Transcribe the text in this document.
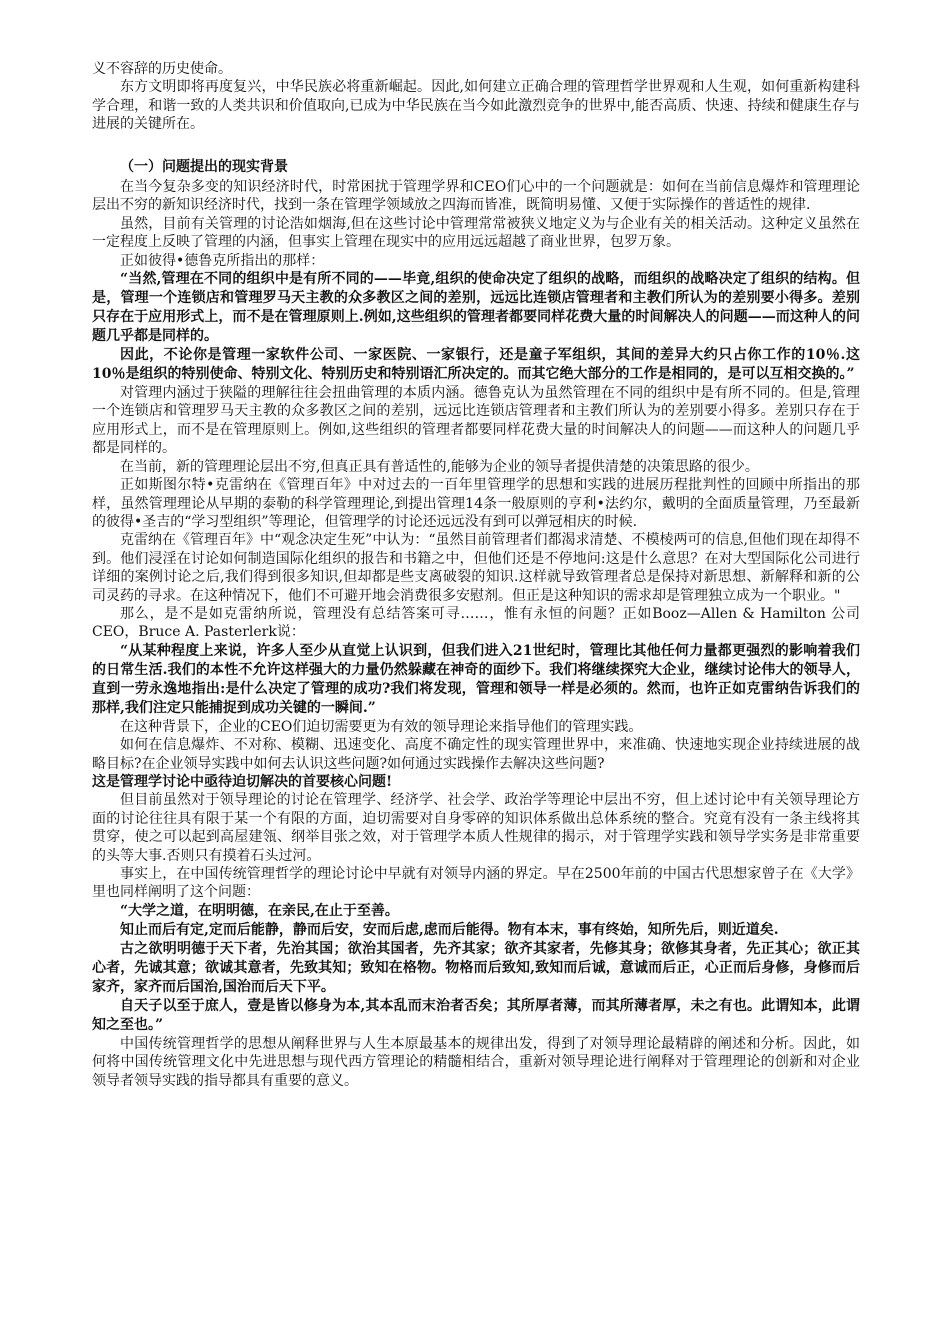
义不容辞的历史使命。

东方文明即将再度复兴，中华民族必将重新崛起。因此,如何建立正确合理的管理哲学世界观和人生观，如何重新构建科学合理，和谐一致的人类共识和价值取向,已成为中华民族在当今如此激烈竞争的世界中,能否高质、快速、持续和健康生存与进展的关键所在。

（一）问题提出的现实背景

在当今复杂多变的知识经济时代，时常困扰于管理学界和CEO们心中的一个问题就是：如何在当前信息爆炸和管理理论层出不穷的新知识经济时代，找到一条在管理学领域放之四海而皆准，既简明易懂、又便于实际操作的普适性的规律.

虽然，目前有关管理的讨论浩如烟海,但在这些讨论中管理常常被狭义地定义为与企业有关的相关活动。这种定义虽然在一定程度上反映了管理的内涵，但事实上管理在现实中的应用远远超越了商业世界，包罗万象。

正如彼得•德鲁克所指出的那样：

“当然,管理在不同的组织中是有所不同的——毕竟,组织的使命决定了组织的战略，而组织的战略决定了组织的结构。但是，管理一个连锁店和管理罗马天主教的众多教区之间的差别，远远比连锁店管理者和主教们所认为的差别要小得多。差别只存在于应用形式上，而不是在管理原则上.例如,这些组织的管理者都要同样花费大量的时间解决人的问题——而这种人的问题几乎都是同样的。

因此，不论你是管理一家软件公司、一家医院、一家银行，还是童子军组织，其间的差异大约只占你工作的10％.这10％是组织的特别使命、特别文化、特别历史和特别语汇所决定的。而其它绝大部分的工作是相同的，是可以互相交换的。”

对管理内涵过于狭隘的理解往往会扭曲管理的本质内涵。德鲁克认为虽然管理在不同的组织中是有所不同的。但是,管理一个连锁店和管理罗马天主教的众多教区之间的差别，远远比连锁店管理者和主教们所认为的差别要小得多。差别只存在于应用形式上，而不是在管理原则上。例如,这些组织的管理者都要同样花费大量的时间解决人的问题——而这种人的问题几乎都是同样的。

在当前，新的管理理论层出不穷,但真正具有普适性的,能够为企业的领导者提供清楚的决策思路的很少。

正如斯图尔特•克雷纳在《管理百年》中对过去的一百年里管理学的思想和实践的进展历程批判性的回顾中所指出的那样，虽然管理理论从早期的泰勒的科学管理理论,到提出管理14条一般原则的亨利•法约尔，戴明的全面质量管理，乃至最新的彼得•圣吉的“学习型组织”等理论，但管理学的讨论还远远没有到可以弹冠相庆的时候.

克雷纳在《管理百年》中“观念决定生死”中认为：“虽然目前管理者们都渴求清楚、不模棱两可的信息,但他们现在却得不到。他们浸淫在讨论如何制造国际化组织的报告和书籍之中，但他们还是不停地问:这是什么意思？在对大型国际化公司进行详细的案例讨论之后,我们得到很多知识,但却都是些支离破裂的知识.这样就导致管理者总是保持对新思想、新解释和新的公司灵药的寻求。在这种情况下，他们不可避开地会消费很多安慰剂。但正是这种知识的需求却是管理独立成为一个职业。"

那么，是不是如克雷纳所说，管理没有总结答案可寻……，惟有永恒的问题？正如Booz—Allen & Hamilton 公司CEO，Bruce A. Pasterlerk说：

“从某种程度上来说，许多人至少从直觉上认识到，但我们进入21世纪时，管理比其他任何力量都更强烈的影响着我们的日常生活.我们的本性不允许这样强大的力量仍然躲藏在神奇的面纱下。我们将继续探究大企业，继续讨论伟大的领导人，直到一劳永逸地指出:是什么决定了管理的成功?我们将发现，管理和领导一样是必须的。然而，也许正如克雷纳告诉我们的那样,我们注定只能捕捉到成功关键的一瞬间.”

在这种背景下，企业的CEO们迫切需要更为有效的领导理论来指导他们的管理实践。

如何在信息爆炸、不对称、模糊、迅速变化、高度不确定性的现实管理世界中，来准确、快速地实现企业持续进展的战略目标?在企业领导实践中如何去认识这些问题?如何通过实践操作去解决这些问题?

这是管理学讨论中亟待迫切解决的首要核心问题!

但目前虽然对于领导理论的讨论在管理学、经济学、社会学、政治学等理论中层出不穷，但上述讨论中有关领导理论方面的讨论往往具有限于某一个有限的方面，迫切需要对自身零碎的知识体系做出总体系统的整合。究竟有没有一条主线将其贯穿，使之可以起到高屋建瓴、纲举目张之效，对于管理学本质人性规律的揭示，对于管理学实践和领导学实务是非常重要的头等大事.否则只有摸着石头过河。

事实上，在中国传统管理哲学的理论讨论中早就有对领导内涵的界定。早在2500年前的中国古代思想家曾子在《大学》里也同样阐明了这个问题：

“大学之道，在明明德，在亲民,在止于至善。

知止而后有定,定而后能静，静而后安，安而后虑,虑而后能得。物有本末，事有终始，知所先后，则近道矣.

古之欲明明德于天下者，先治其国；欲治其国者，先齐其家；欲齐其家者，先修其身；欲修其身者，先正其心；欲正其心者，先诚其意；欲诚其意者，先致其知；致知在格物。物格而后致知,致知而后诚，意诚而后正，心正而后身修，身修而后家齐，家齐而后国治,国治而后天下平。

自天子以至于庶人，壹是皆以修身为本,其本乱而末治者否矣；其所厚者薄，而其所薄者厚，未之有也。此谓知本，此谓知之至也。”

中国传统管理哲学的思想从阐释世界与人生本原最基本的规律出发，得到了对领导理论最精辟的阐述和分析。因此，如何将中国传统管理文化中先进思想与现代西方管理论的精髓相结合，重新对领导理论进行阐释对于管理理论的创新和对企业领导者领导实践的指导都具有重要的意义。
